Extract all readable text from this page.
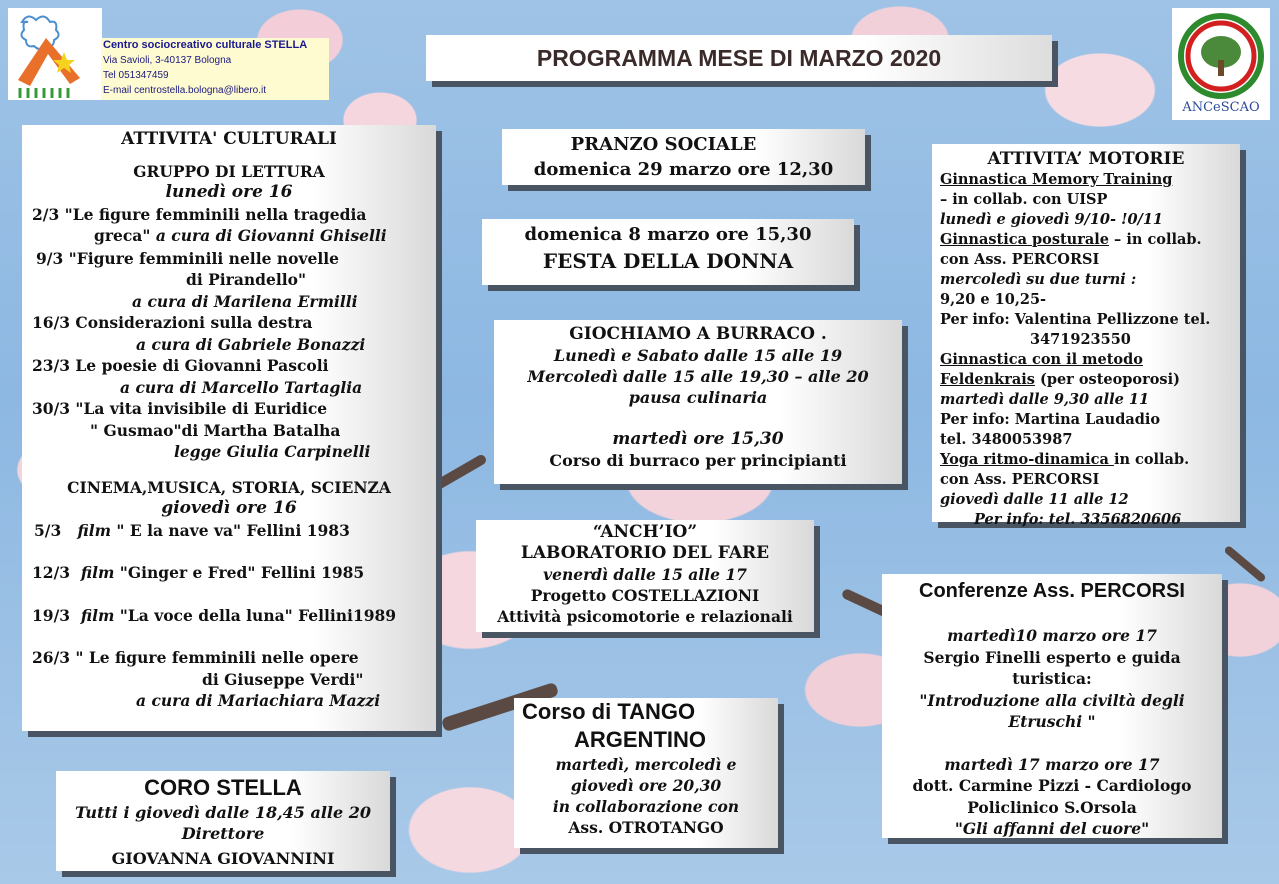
Centro sociocreativo culturale STELLA
Via Savioli, 3-40137 Bologna
Tel 051347459
E-mail centrostella.bologna@libero.it
PROGRAMMA MESE DI MARZO 2020
ANCeSCAO
ATTIVITA' CULTURALI
GRUPPO DI LETTURA
lunedì ore 16
2/3 "Le figure femminili nella tragedia
greca" a cura di Giovanni Ghiselli
9/3 "Figure femminili nelle novelle
di Pirandello"
a cura di Marilena Ermilli
16/3 Considerazioni sulla destra
a cura di Gabriele Bonazzi
23/3 Le poesie di Giovanni Pascoli
a cura di Marcello Tartaglia
30/3 "La vita invisibile di Euridice
" Gusmao"di Martha Batalha
legge Giulia Carpinelli
CINEMA,MUSICA, STORIA, SCIENZA
giovedì ore 16
5/3 film " E la nave va" Fellini 1983
12/3 film "Ginger e Fred" Fellini 1985
19/3 film "La voce della luna" Fellini1989
26/3 " Le figure femminili nelle opere
di Giuseppe Verdi"
a cura di Mariachiara Mazzi
CORO STELLA
Tutti i giovedì dalle 18,45 alle 20
Direttore
GIOVANNA GIOVANNINI
PRANZO SOCIALE
domenica 29 marzo ore 12,30
domenica 8 marzo ore 15,30
FESTA DELLA DONNA
GIOCHIAMO A BURRACO .
Lunedì e Sabato dalle 15 alle 19
Mercoledì dalle 15 alle 19,30 – alle 20
pausa culinaria
martedì ore 15,30
Corso di burraco per principianti
“ANCH’IO”
LABORATORIO DEL FARE
venerdì dalle 15 alle 17
Progetto COSTELLAZIONI
Attività psicomotorie e relazionali
Corso di TANGO
ARGENTINO
martedì, mercoledì e
giovedì ore 20,30
in collaborazione con
Ass. OTROTANGO
ATTIVITA’ MOTORIE
Ginnastica Memory Training
– in collab. con UISP
lunedì e giovedì 9/10- !0/11
Ginnastica posturale – in collab.
con Ass. PERCORSI
mercoledì su due turni :
9,20 e 10,25-
Per info: Valentina Pellizzone tel.
3471923550
Ginnastica con il metodo
Feldenkrais (per osteoporosi)
martedì dalle 9,30 alle 11
Per info: Martina Laudadio
tel. 3480053987
Yoga ritmo-dinamica in collab.
con Ass. PERCORSI
giovedì dalle 11 alle 12
Per info: tel. 3356820606
Conferenze Ass. PERCORSI
martedì10 marzo ore 17
Sergio Finelli esperto e guida
turistica:
"Introduzione alla civiltà degli
Etruschi "
martedì 17 marzo ore 17
dott. Carmine Pizzi - Cardiologo
Policlinico S.Orsola
"Gli affanni del cuore"
